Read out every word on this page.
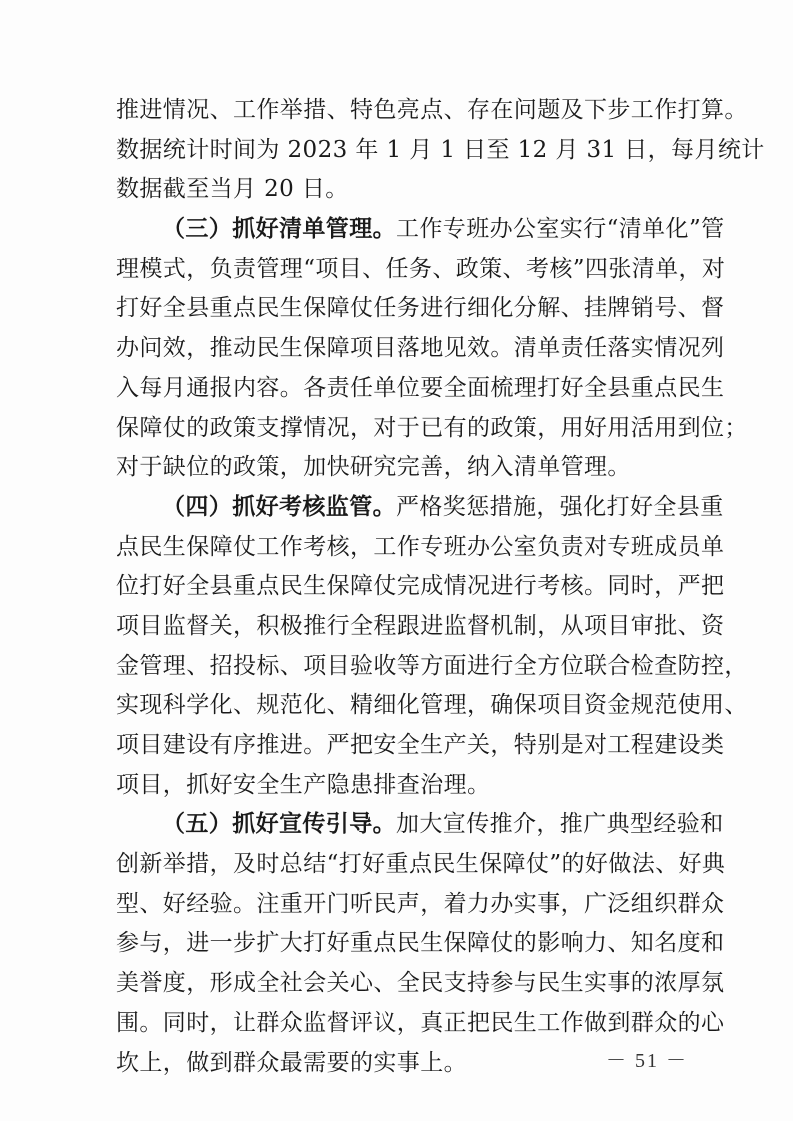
推进情况、工作举措、特色亮点、存在问题及下步工作打算。
数据统计时间为 2023 年 1 月 1 日至 12 月 31 日，每月统计
数据截至当月 20 日。
（三）抓好清单管理。工作专班办公室实行“清单化”管
理模式，负责管理“项目、任务、政策、考核”四张清单，对
打好全县重点民生保障仗任务进行细化分解、挂牌销号、督
办问效，推动民生保障项目落地见效。清单责任落实情况列
入每月通报内容。各责任单位要全面梳理打好全县重点民生
保障仗的政策支撑情况，对于已有的政策，用好用活用到位；
对于缺位的政策，加快研究完善，纳入清单管理。
（四）抓好考核监管。严格奖惩措施，强化打好全县重
点民生保障仗工作考核，工作专班办公室负责对专班成员单
位打好全县重点民生保障仗完成情况进行考核。同时，严把
项目监督关，积极推行全程跟进监督机制，从项目审批、资
金管理、招投标、项目验收等方面进行全方位联合检查防控，
实现科学化、规范化、精细化管理，确保项目资金规范使用、
项目建设有序推进。严把安全生产关，特别是对工程建设类
项目，抓好安全生产隐患排查治理。
（五）抓好宣传引导。加大宣传推介，推广典型经验和
创新举措，及时总结“打好重点民生保障仗”的好做法、好典
型、好经验。注重开门听民声，着力办实事，广泛组织群众
参与，进一步扩大打好重点民生保障仗的影响力、知名度和
美誉度，形成全社会关心、全民支持参与民生实事的浓厚氛
围。同时，让群众监督评议，真正把民生工作做到群众的心
坎上，做到群众最需要的实事上。	－ 51 －
